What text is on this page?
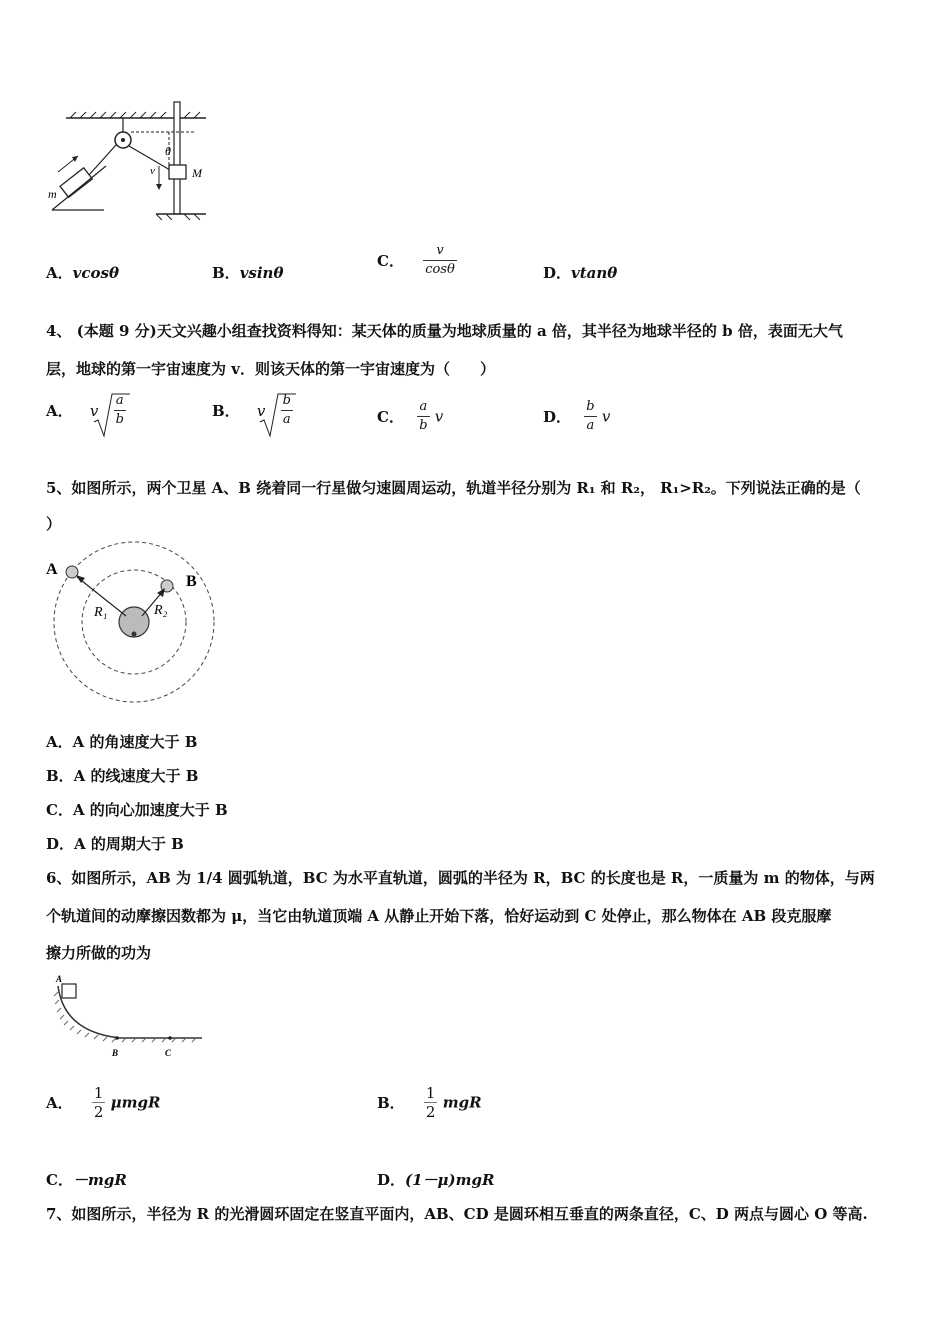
θ
v	M
m
A．vcosθ	B．vsinθ
C． $\frac{v}{\cos\theta}$	D．vtanθ
4、 (本题 9 分)天文兴趣小组查找资料得知：某天体的质量为地球质量的 a 倍，其半径为地球半径的 b 倍，表面无大气
层，地球的第一宇宙速度为 v．则该天体的第一宇宙速度为（　　）
A． v $\frac{a}{b}$	B． v $\frac{b}{a}$	C． $\frac{a}{b}$ v	D． $\frac{b}{a}$ v
5、如图所示，两个卫星 A、B 绕着同一行星做匀速圆周运动，轨道半径分别为 R₁ 和 R₂， R₁>R₂。下列说法正确的是（
）
A
B
R₁	R₂
A．A 的角速度大于 B
B．A 的线速度大于 B
C．A 的向心加速度大于 B
D．A 的周期大于 B
6、如图所示，AB 为 1/4 圆弧轨道，BC 为水平直轨道，圆弧的半径为 R，BC 的长度也是 R，一质量为 m 的物体，与两
个轨道间的动摩擦因数都为 μ，当它由轨道顶端 A 从静止开始下落，恰好运动到 C 处停止，那么物体在 AB 段克服摩
擦力所做的功为
A
B	C
A． $\frac{1}{2}$ μmgR	B． $\frac{1}{2}$ mgR
C．－mgR	D．(1－μ)mgR
7、如图所示，半径为 R 的光滑圆环固定在竖直平面内，AB、CD 是圆环相互垂直的两条直径，C、D 两点与圆心 O 等高.
